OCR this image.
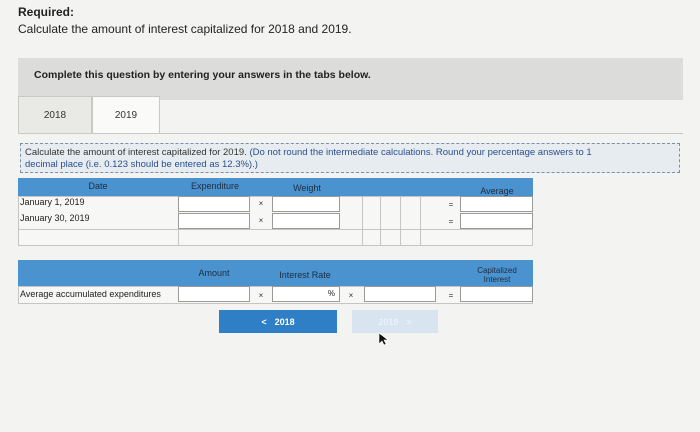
Required:
Calculate the amount of interest capitalized for 2018 and 2019.
Complete this question by entering your answers in the tabs below.
2018	2019
Calculate the amount of interest capitalized for 2019. (Do not round the intermediate calculations. Round your percentage answers to 1
decimal place (i.e. 0.123 should be entered as 12.3%).)
Date	Expenditure	Weight	Average
January 1, 2019	×	=
January 30, 2019	×	=
Amount	Interest Rate	Capitalized
Interest
Average accumulated expenditures	×	%	×	=
< 2018	2019 >
